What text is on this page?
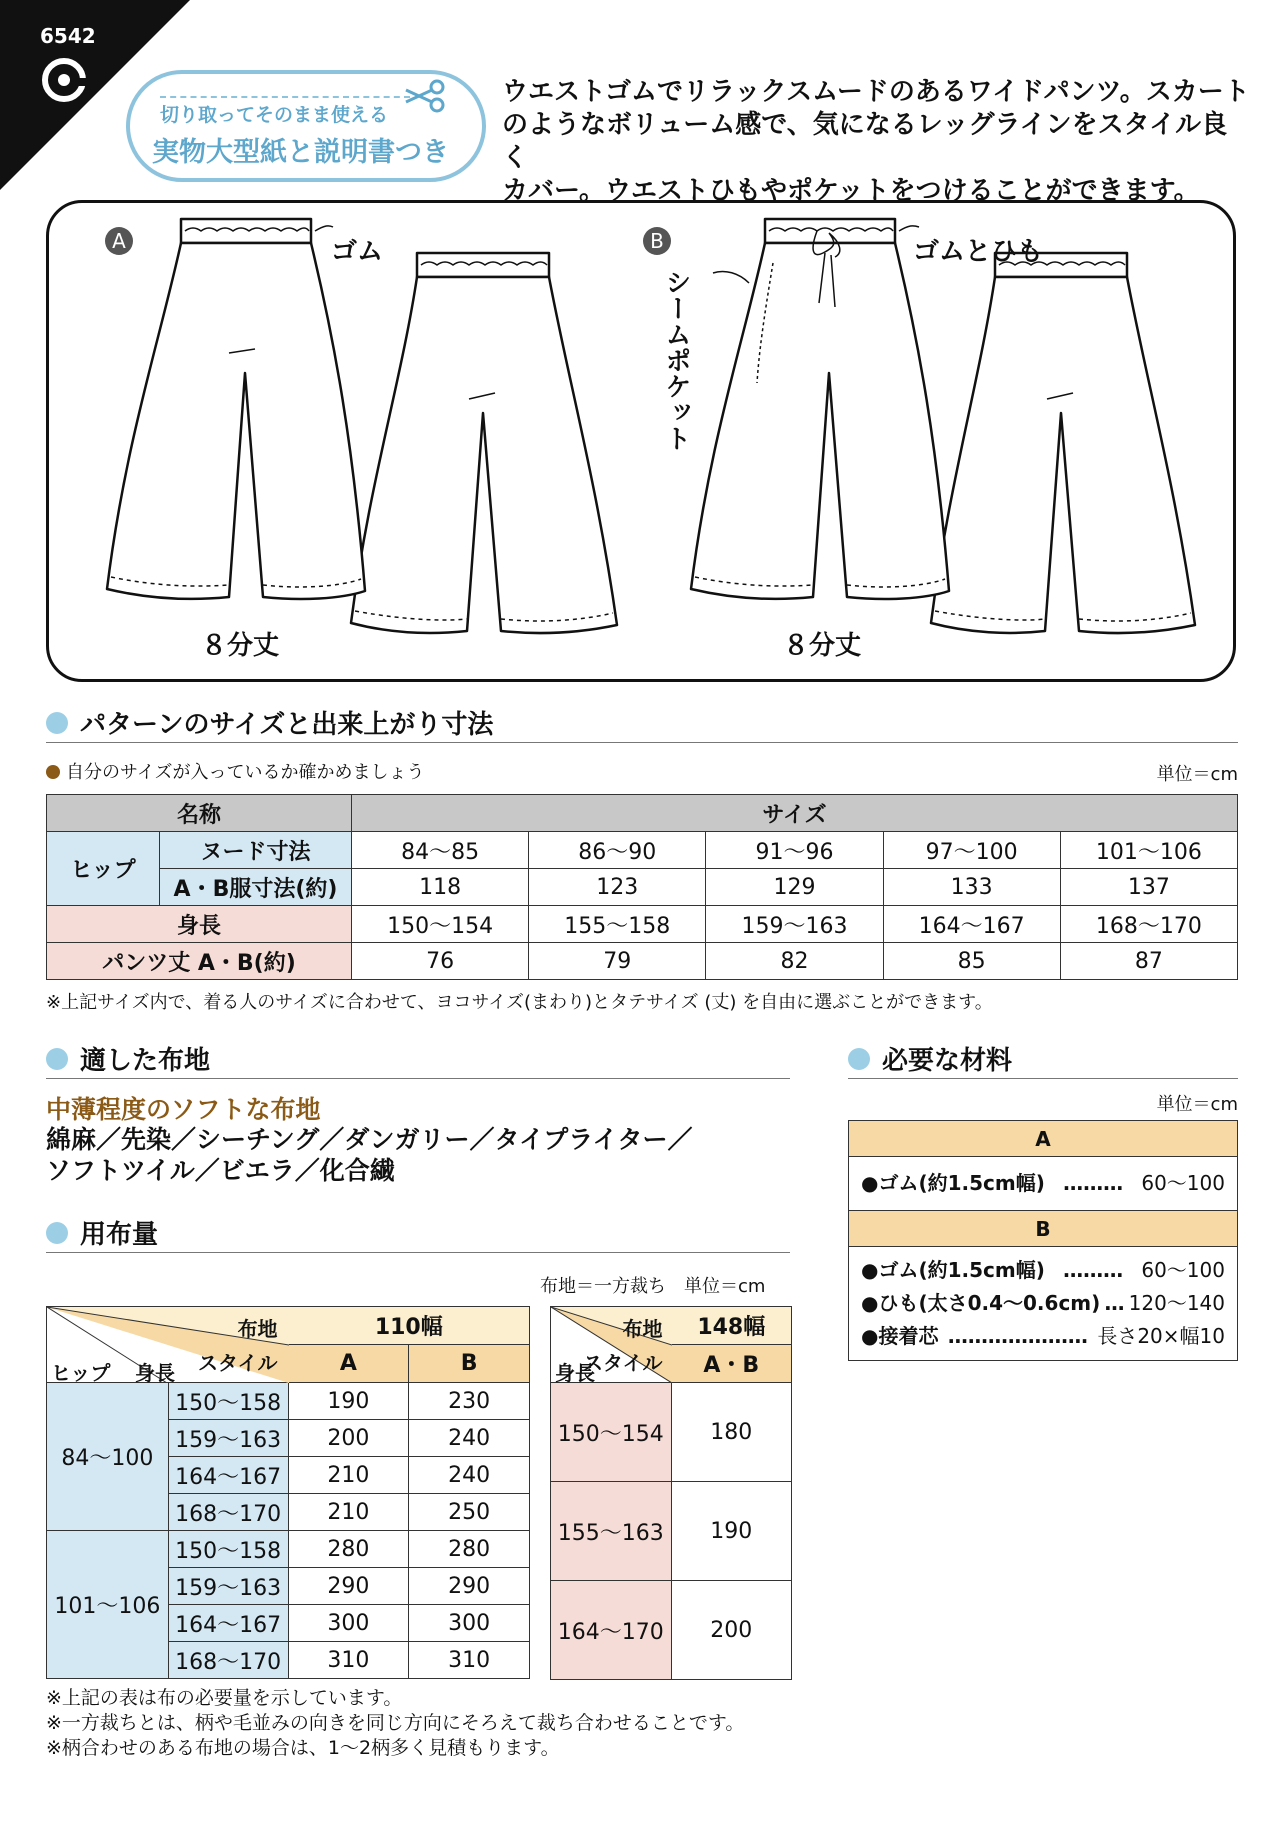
6542
切り取ってそのまま使える
実物大型紙と説明書つき
ウエストゴムでリラックスムードのあるワイドパンツ。スカート
のようなボリューム感で、気になるレッグラインをスタイル良く
カバー。ウエストひもやポケットをつけることができます。
A	ゴム
８分丈
B	ゴムとひも
シームポケット
８分丈
パターンのサイズと出来上がり寸法
自分のサイズが入っているか確かめましょう	単位＝cm
名称		サイズ				
ヒップ	ヌード寸法	84〜85	86〜90	91〜96	97〜100	101〜106
	A・B服寸法(約)	118	123	129	133	137
身長		150〜154	155〜158	159〜163	164〜167	168〜170
パンツ丈 A・B(約)		76	79	82	85	87
※上記サイズ内で、着る人のサイズに合わせて、ヨコサイズ(まわり)とタテサイズ (丈) を自由に選ぶことができます。
適した布地
中薄程度のソフトな布地
綿麻／先染／シーチング／ダンガリー／タイプライター／
ソフトツイル／ビエラ／化合繊
必要な材料
単位＝cm
A

●ゴム(約1.5cm幅) ……… 60〜100

B

●ゴム(約1.5cm幅) ……… 60〜100
●ひも(太さ0.4〜0.6cm) … 120〜140
●接着芯 ………………… 長さ20×幅10
用布量
布地＝一方裁ち　単位＝cm
布地
スタイル
ヒップ 身長		110幅	
		A	B
84〜100	150〜158	190	230
	159〜163	200	240
	164〜167	210	240
	168〜170	210	250
101〜106	150〜158	280	280
	159〜163	290	290
	164〜167	300	300
	168〜170	310	310
布地
スタイル
身長	148幅
	A・B
150〜154	180
155〜163	190
164〜170	200
※上記の表は布の必要量を示しています。
※一方裁ちとは、柄や毛並みの向きを同じ方向にそろえて裁ち合わせることです。
※柄合わせのある布地の場合は、1〜2柄多く見積もります。
